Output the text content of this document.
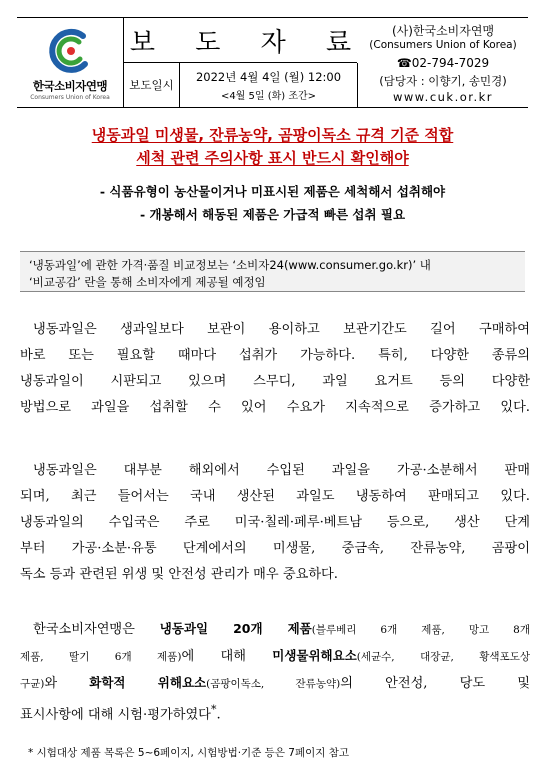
한국소비자연맹
Consumers Union of Korea
보 도 자 료
보도일시
2022년 4월 4일 (월) 12:00
<4월 5일 (화) 조간>
(사)한국소비자연맹
(Consumers Union of Korea)
☎02-794-7029
(담당자 : 이향기, 송민경)
www.cuk.or.kr
냉동과일 미생물, 잔류농약, 곰팡이독소 규격 기준 적합
세척 관련 주의사항 표시 반드시 확인해야
- 식품유형이 농산물이거나 미표시된 제품은 세척해서 섭취해야
- 개봉해서 해동된 제품은 가급적 빠른 섭취 필요
‘냉동과일’에 관한 가격·품질 비교정보는 ‘소비자24(www.consumer.go.kr)’ 내
‘비교공감’ 란을 통해 소비자에게 제공될 예정임
냉동과일은 생과일보다 보관이 용이하고 보관기간도 길어 구매하여
바로 또는 필요할 때마다 섭취가 가능하다. 특히, 다양한 종류의
냉동과일이 시판되고 있으며 스무디, 과일 요거트 등의 다양한
방법으로 과일을 섭취할 수 있어 수요가 지속적으로 증가하고 있다.
냉동과일은 대부분 해외에서 수입된 과일을 가공·소분해서 판매
되며, 최근 들어서는 국내 생산된 과일도 냉동하여 판매되고 있다.
냉동과일의 수입국은 주로 미국·칠레·페루·베트남 등으로, 생산 단계
부터 가공·소분·유통 단계에서의 미생물, 중금속, 잔류농약, 곰팡이
독소 등과 관련된 위생 및 안전성 관리가 매우 중요하다.
한국소비자연맹은 냉동과일 20개 제품(블루베리 6개 제품, 망고 8개
제품, 딸기 6개 제품)에 대해 미생물위해요소(세균수, 대장균, 황색포도상
구균)와 화학적 위해요소(곰팡이독소, 잔류농약)의 안전성, 당도 및
표시사항에 대해 시험·평가하였다*.
* 시험대상 제품 목록은 5~6페이지, 시험방법·기준 등은 7페이지 참고
